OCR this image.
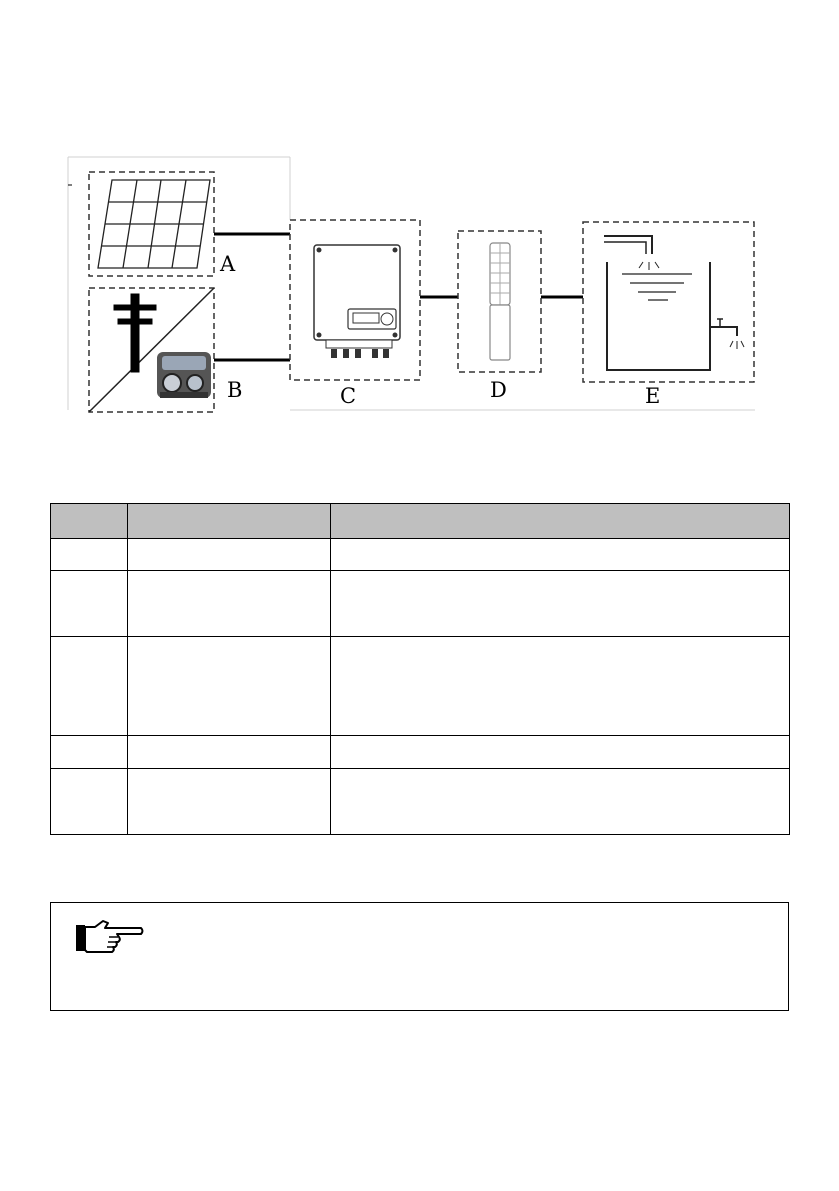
A
B	C	D	E
